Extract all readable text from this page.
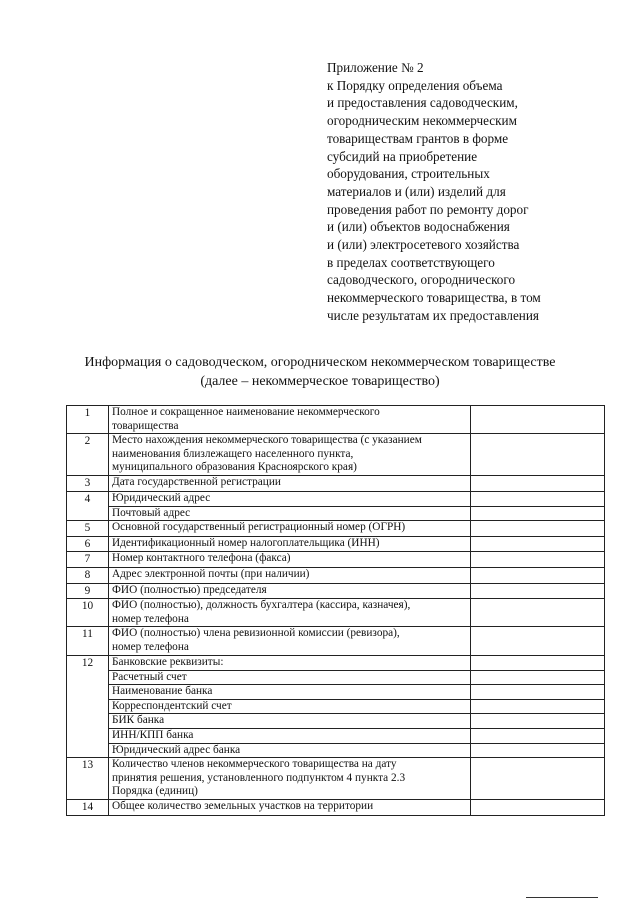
Приложение № 2
к Порядку определения объема
и предоставления садоводческим,
огородническим некоммерческим
товариществам грантов в форме
субсидий на приобретение
оборудования, строительных
материалов и (или) изделий для
проведения работ по ремонту дорог
и (или) объектов водоснабжения
и (или) электросетевого хозяйства
в пределах соответствующего
садоводческого, огороднического
некоммерческого товарищества, в том
числе результатам их предоставления
Информация о садоводческом, огородническом некоммерческом товариществе
(далее – некоммерческое товарищество)
1	Полное и сокращенное наименование некоммерческого
товарищества	

2	Место нахождения некоммерческого товарищества (с указанием
наименования близлежащего населенного пункта,
муниципального образования Красноярского края)	

3	Дата государственной регистрации	

4	Юридический адрес	

	Почтовый адрес	

5	Основной государственный регистрационный номер (ОГРН)	

6	Идентификационный номер налогоплательщика (ИНН)	

7	Номер контактного телефона (факса)	

8	Адрес электронной почты (при наличии)	

9	ФИО (полностью) председателя	

10	ФИО (полностью), должность бухгалтера (кассира, казначея),
номер телефона	

11	ФИО (полностью) члена ревизионной комиссии (ревизора),
номер телефона	

12	Банковские реквизиты:	

	Расчетный счет	

	Наименование банка	

	Корреспондентский счет	

	БИК банка	

	ИНН/КПП банка	

	Юридический адрес банка	

13	Количество членов некоммерческого товарищества на дату
принятия решения, установленного подпунктом 4 пункта 2.3
Порядка (единиц)	

14	Общее количество земельных участков на территории	
